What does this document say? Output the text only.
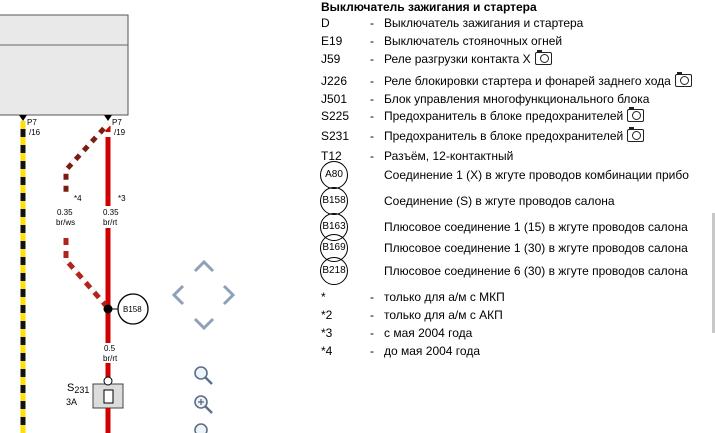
P7
/16
P7
/19
*4	*3
0.35
br/ws
0.35
br/rt
B158
0.5
br/rt
S231
3A
Выключатель зажигания и стартера
D	- Выключатель зажигания и стартера
E19 - Выключатель стояночных огней
J59 - Реле разгрузки контакта X
J226 - Реле блокировки стартера и фонарей заднего хода
J501 - Блок управления многофункционального блока
S225 - Предохранитель в блоке предохранителей
S231 - Предохранитель в блоке предохранителей
T12 - Разъём, 12-контактный
A80	Соединение 1 (X) в жгуте проводов комбинации прибо
B158	Соединение (S) в жгуте проводов салона
B163	Плюсовое соединение 1 (15) в жгуте проводов салона
B169	Плюсовое соединение 1 (30) в жгуте проводов салона
B218	Плюсовое соединение 6 (30) в жгуте проводов салона
*	- только для а/м с МКП
*2	- только для а/м с АКП
*3	- с мая 2004 года
*4	- до мая 2004 года
